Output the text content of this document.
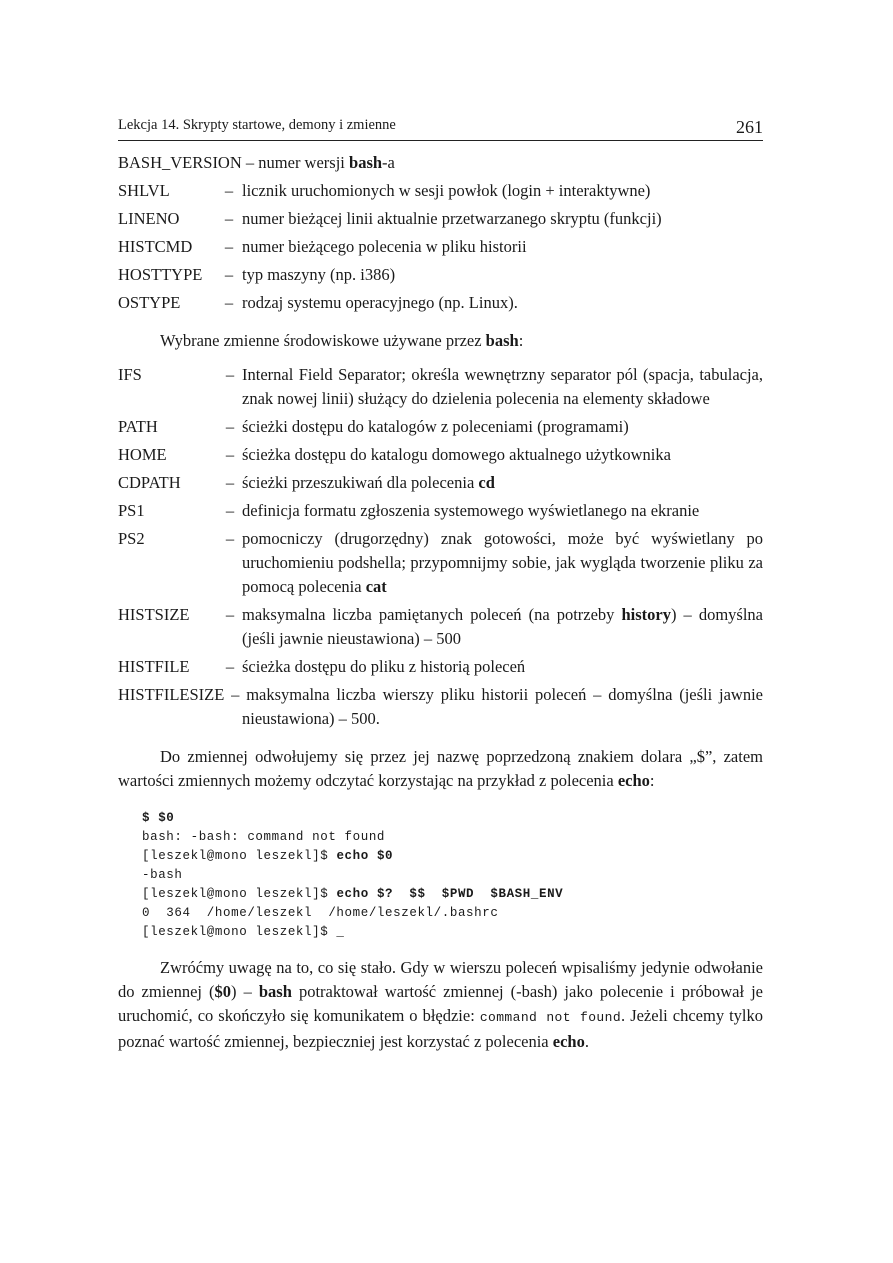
Lekcja 14. Skrypty startowe, demony i zmienne	261
BASH_VERSION – numer wersji bash-a
SHLVL	– licznik uruchomionych w sesji powłok (login + interaktywne)
LINENO	– numer bieżącej linii aktualnie przetwarzanego skryptu (funkcji)
HISTCMD	– numer bieżącego polecenia w pliku historii
HOSTTYPE	– typ maszyny (np. i386)
OSTYPE	– rodzaj systemu operacyjnego (np. Linux).
Wybrane zmienne środowiskowe używane przez bash:
IFS	– Internal Field Separator; określa wewnętrzny separator pól (spacja, tabulacja, znak nowej linii) służący do dzielenia polecenia na elementy składowe
PATH	– ścieżki dostępu do katalogów z poleceniami (programami)
HOME	– ścieżka dostępu do katalogu domowego aktualnego użytkownika
CDPATH	– ścieżki przeszukiwań dla polecenia cd
PS1	– definicja formatu zgłoszenia systemowego wyświetlanego na ekranie
PS2	– pomocniczy (drugorzędny) znak gotowości, może być wyświetlany po uruchomieniu podshella; przypomnijmy sobie, jak wygląda tworzenie pliku za pomocą polecenia cat
HISTSIZE	– maksymalna liczba pamiętanych poleceń (na potrzeby history) – domyślna (jeśli jawnie nieustawiona) – 500
HISTFILE	– ścieżka dostępu do pliku z historią poleceń
HISTFILESIZE – maksymalna liczba wierszy pliku historii poleceń – domyślna (jeśli jawnie nieustawiona) – 500.

Do zmiennej odwołujemy się przez jej nazwę poprzedzoną znakiem dolara „$”, zatem wartości zmiennych możemy odczytać korzystając na przykład z polecenia echo:

$ $0
bash: -bash: command not found
[leszekl@mono leszekl]$ echo $0
-bash
[leszekl@mono leszekl]$ echo $?  $$  $PWD  $BASH_ENV
0  364  /home/leszekl  /home/leszekl/.bashrc
[leszekl@mono leszekl]$ _

Zwróćmy uwagę na to, co się stało. Gdy w wierszu poleceń wpisaliśmy jedynie odwołanie do zmiennej ($0) – bash potraktował wartość zmiennej (-bash) jako polecenie i próbował je uruchomić, co skończyło się komunikatem o błędzie: command not found. Jeżeli chcemy tylko poznać wartość zmiennej, bezpieczniej jest korzystać z polecenia echo.
